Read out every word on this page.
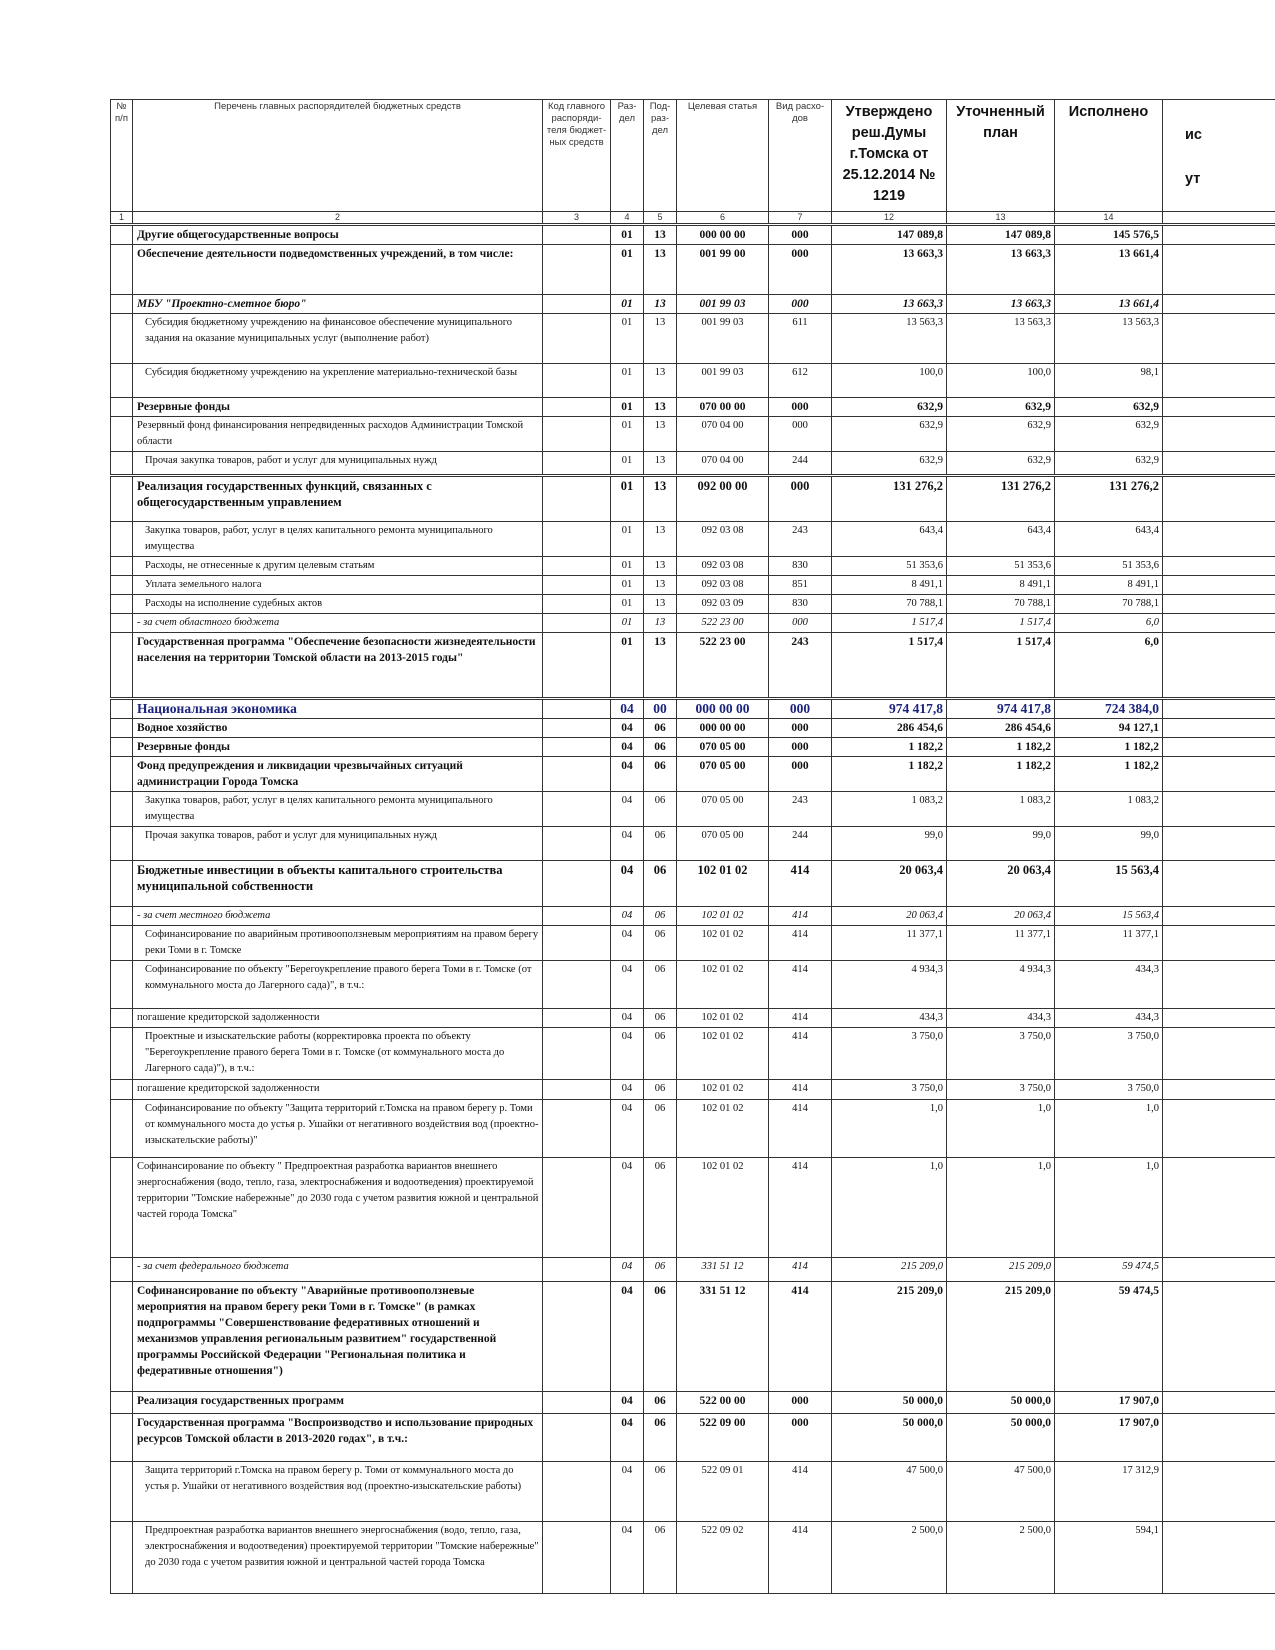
№ п/п	Перечень главных распорядителей бюджетных средств	Код главного распоряди-теля бюджет-ных средств	Раз-дел	Под-раз-дел	Целевая статья	Вид расхо-дов	Утверждено реш.Думы г.Томска от 25.12.2014 № 1219	Уточненный план	Исполнено	ис

ут
1	2	3	4	5	6	7	12	13	14	
	Другие общегосударственные вопросы		01	13	000 00 00	000	147 089,8	147 089,8	145 576,5	
	Обеспечение деятельности подведомственных учреждений, в том числе:		01	13	001 99 00	000	13 663,3	13 663,3	13 661,4	
	МБУ "Проектно-сметное бюро"		01	13	001 99 03	000	13 663,3	13 663,3	13 661,4	
	Субсидия бюджетному учреждению на финансовое обеспечение муниципального задания на оказание муниципальных услуг (выполнение работ)		01	13	001 99 03	611	13 563,3	13 563,3	13 563,3	
	Субсидия бюджетному учреждению на укрепление материально-технической базы		01	13	001 99 03	612	100,0	100,0	98,1	
	Резервные фонды		01	13	070 00 00	000	632,9	632,9	632,9	
	Резервный фонд финансирования непредвиденных расходов Администрации Томской области		01	13	070 04 00	000	632,9	632,9	632,9	
	Прочая закупка товаров, работ и услуг для муниципальных нужд		01	13	070 04 00	244	632,9	632,9	632,9	
	Реализация государственных функций, связанных с общегосударственным управлением		01	13	092 00 00	000	131 276,2	131 276,2	131 276,2	
	Закупка товаров, работ, услуг в целях капитального ремонта муниципального имущества		01	13	092 03 08	243	643,4	643,4	643,4	
	Расходы, не отнесенные к другим целевым статьям		01	13	092 03 08	830	51 353,6	51 353,6	51 353,6	
	Уплата земельного налога		01	13	092 03 08	851	8 491,1	8 491,1	8 491,1	
	Расходы на исполнение судебных актов		01	13	092 03 09	830	70 788,1	70 788,1	70 788,1	
	- за счет областного бюджета		01	13	522 23 00	000	1 517,4	1 517,4	6,0	
	Государственная программа "Обеспечение безопасности жизнедеятельности населения на территории Томской области на 2013-2015 годы"		01	13	522 23 00	243	1 517,4	1 517,4	6,0	
	Национальная экономика		04	00	000 00 00	000	974 417,8	974 417,8	724 384,0	
	Водное хозяйство		04	06	000 00 00	000	286 454,6	286 454,6	94 127,1	
	Резервные фонды		04	06	070 05 00	000	1 182,2	1 182,2	1 182,2	
	Фонд предупреждения и ликвидации чрезвычайных ситуаций администрации Города Томска		04	06	070 05 00	000	1 182,2	1 182,2	1 182,2	
	Закупка товаров, работ, услуг в целях капитального ремонта муниципального имущества		04	06	070 05 00	243	1 083,2	1 083,2	1 083,2	
	Прочая закупка товаров, работ и услуг для муниципальных нужд		04	06	070 05 00	244	99,0	99,0	99,0	
	Бюджетные инвестиции в объекты капитального строительства муниципальной собственности		04	06	102 01 02	414	20 063,4	20 063,4	15 563,4	
	- за счет местного бюджета		04	06	102 01 02	414	20 063,4	20 063,4	15 563,4	
	Софинансирование по аварийным противооползневым мероприятиям на правом берегу реки Томи в г. Томске		04	06	102 01 02	414	11 377,1	11 377,1	11 377,1	
	Софинансирование по объекту "Берегоукрепление правого берега Томи в г. Томске (от коммунального моста до Лагерного сада)", в т.ч.:		04	06	102 01 02	414	4 934,3	4 934,3	434,3	
	погашение кредиторской задолженности		04	06	102 01 02	414	434,3	434,3	434,3	
	Проектные и изыскательские работы (корректировка проекта по объекту "Берегоукрепление правого берега Томи в г. Томске (от коммунального моста до Лагерного сада)"), в т.ч.:		04	06	102 01 02	414	3 750,0	3 750,0	3 750,0	
	погашение кредиторской задолженности		04	06	102 01 02	414	3 750,0	3 750,0	3 750,0	
	Софинансирование по объекту "Защита территорий г.Томска на правом берегу р. Томи от коммунального моста до устья р. Ушайки от негативного воздействия вод (проектно-изыскательские работы)"		04	06	102 01 02	414	1,0	1,0	1,0	
	Софинансирование по объекту " Предпроектная разработка вариантов внешнего энергоснабжения (водо, тепло, газа, электроснабжения и водоотведения) проектируемой территории "Томские набережные" до 2030 года с учетом развития южной и центральной частей города Томска"		04	06	102 01 02	414	1,0	1,0	1,0	
	- за счет федерального бюджета		04	06	331 51 12	414	215 209,0	215 209,0	59 474,5	
	Софинансирование по объекту "Аварийные противооползневые мероприятия на правом берегу реки Томи в г. Томске" (в рамках подпрограммы "Совершенствование федеративных отношений и механизмов управления региональным развитием" государственной программы Российской Федерации "Региональная политика и федеративные отношения")		04	06	331 51 12	414	215 209,0	215 209,0	59 474,5	
	Реализация государственных программ		04	06	522 00 00	000	50 000,0	50 000,0	17 907,0	
	Государственная программа "Воспроизводство и использование природных ресурсов Томской области в 2013-2020 годах", в т.ч.:		04	06	522 09 00	000	50 000,0	50 000,0	17 907,0	
	Защита территорий г.Томска на правом берегу р. Томи от коммунального моста до устья р. Ушайки от негативного воздействия вод (проектно-изыскательские работы)		04	06	522 09 01	414	47 500,0	47 500,0	17 312,9	
	Предпроектная разработка вариантов внешнего энергоснабжения (водо, тепло, газа, электроснабжения и водоотведения) проектируемой территории "Томские набережные" до 2030 года с учетом развития южной и центральной частей города Томска		04	06	522 09 02	414	2 500,0	2 500,0	594,1	
